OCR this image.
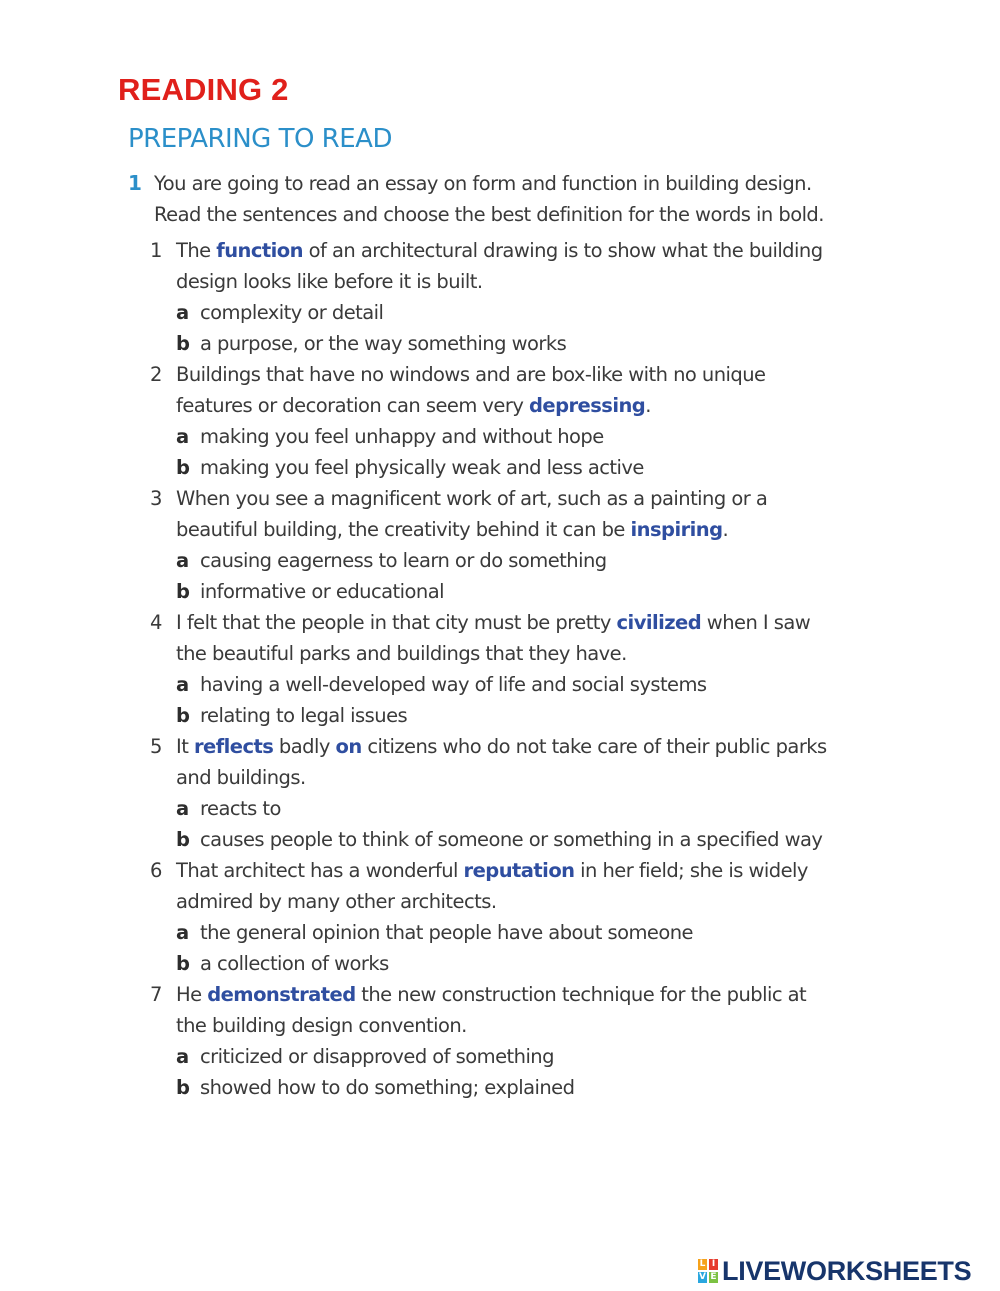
READING 2
PREPARING TO READ
1 You are going to read an essay on form and function in building design.
Read the sentences and choose the best definition for the words in bold.
1 The function of an architectural drawing is to show what the building
design looks like before it is built.
a complexity or detail
b a purpose, or the way something works
2 Buildings that have no windows and are box-like with no unique
features or decoration can seem very depressing.
a making you feel unhappy and without hope
b making you feel physically weak and less active
3 When you see a magnificent work of art, such as a painting or a
beautiful building, the creativity behind it can be inspiring.
a causing eagerness to learn or do something
b informative or educational
4 I felt that the people in that city must be pretty civilized when I saw
the beautiful parks and buildings that they have.
a having a well-developed way of life and social systems
b relating to legal issues
5 It reflects badly on citizens who do not take care of their public parks
and buildings.
a reacts to
b causes people to think of someone or something in a specified way
6 That architect has a wonderful reputation in her field; she is widely
admired by many other architects.
a the general opinion that people have about someone
b a collection of works
7 He demonstrated the new construction technique for the public at
the building design convention.
a criticized or disapproved of something
b showed how to do something; explained
L I
V E LIVEWORKSHEETS
